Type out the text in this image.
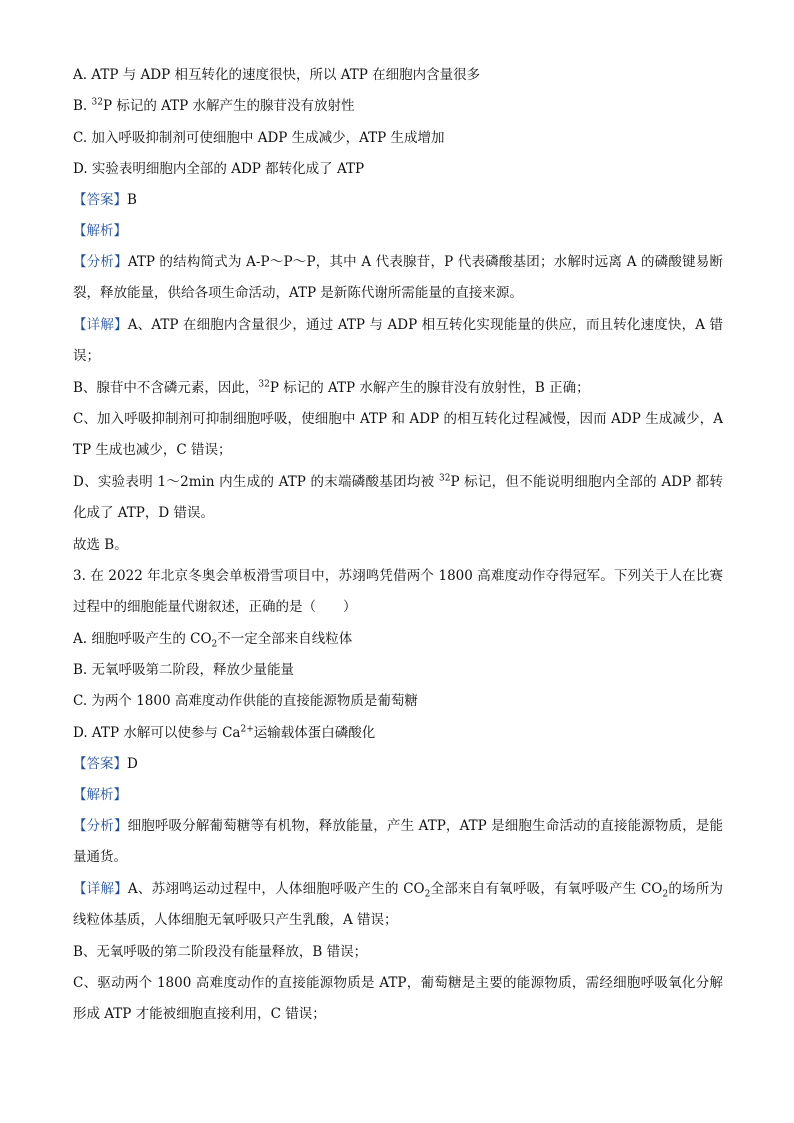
A. ATP 与 ADP 相互转化的速度很快，所以 ATP 在细胞内含量很多
B. $^{32}$P 标记的 ATP 水解产生的腺苷没有放射性
C. 加入呼吸抑制剂可使细胞中 ADP 生成减少，ATP 生成增加
D. 实验表明细胞内全部的 ADP 都转化成了 ATP
【答案】B
【解析】
【分析】ATP 的结构简式为 A-P～P～P，其中 A 代表腺苷，P 代表磷酸基团；水解时远离 A 的磷酸键易断裂，释放能量，供给各项生命活动，ATP 是新陈代谢所需能量的直接来源。
【详解】A、ATP 在细胞内含量很少，通过 ATP 与 ADP 相互转化实现能量的供应，而且转化速度快，A 错误；
B、腺苷中不含磷元素，因此，$^{32}$P 标记的 ATP 水解产生的腺苷没有放射性，B 正确；
C、加入呼吸抑制剂可抑制细胞呼吸，使细胞中 ATP 和 ADP 的相互转化过程减慢，因而 ADP 生成减少，ATP 生成也减少，C 错误；
D、实验表明 1～2min 内生成的 ATP 的末端磷酸基团均被 $^{32}$P 标记，但不能说明细胞内全部的 ADP 都转化成了 ATP，D 错误。
故选 B。
3. 在 2022 年北京冬奥会单板滑雪项目中，苏翊鸣凭借两个 1800 高难度动作夺得冠军。下列关于人在比赛过程中的细胞能量代谢叙述，正确的是（　　）
A. 细胞呼吸产生的 $CO_2$不一定全部来自线粒体
B. 无氧呼吸第二阶段，释放少量能量
C. 为两个 1800 高难度动作供能的直接能源物质是葡萄糖
D. ATP 水解可以使参与 $Ca^{2+}$运输载体蛋白磷酸化
【答案】D
【解析】
【分析】细胞呼吸分解葡萄糖等有机物，释放能量，产生 ATP，ATP 是细胞生命活动的直接能源物质，是能量通货。
【详解】A、苏翊鸣运动过程中，人体细胞呼吸产生的 $CO_2$全部来自有氧呼吸，有氧呼吸产生 $CO_2$的场所为线粒体基质，人体细胞无氧呼吸只产生乳酸，A 错误；
B、无氧呼吸的第二阶段没有能量释放，B 错误；
C、驱动两个 1800 高难度动作的直接能源物质是 ATP，葡萄糖是主要的能源物质，需经细胞呼吸氧化分解形成 ATP 才能被细胞直接利用，C 错误；
